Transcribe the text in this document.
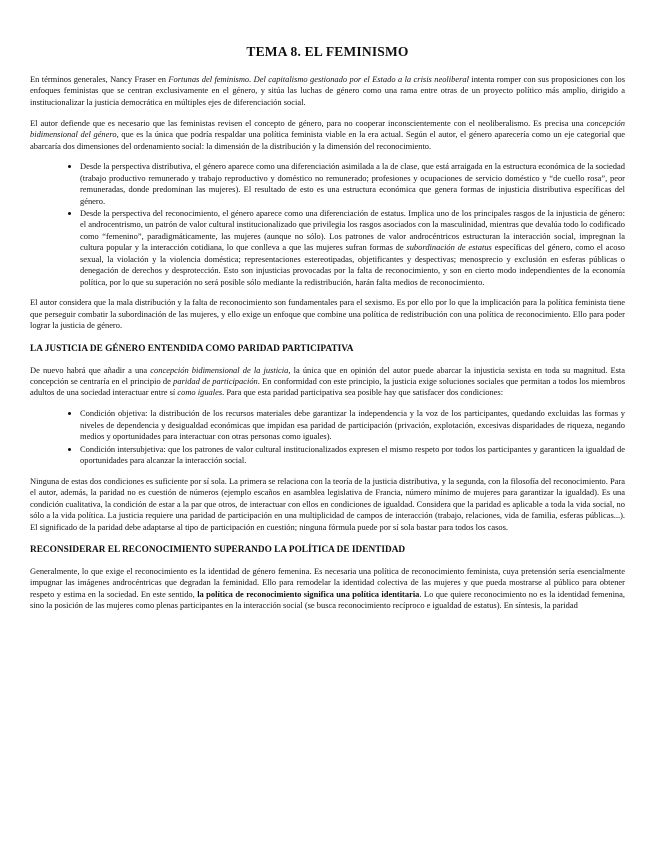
TEMA 8. EL FEMINISMO

En términos generales, Nancy Fraser en Fortunas del feminismo. Del capitalismo gestionado por el Estado a la crisis neoliberal intenta romper con sus proposiciones con los enfoques feministas que se centran exclusivamente en el género, y sitúa las luchas de género como una rama entre otras de un proyecto político más amplio, dirigido a institucionalizar la justicia democrática en múltiples ejes de diferenciación social.

El autor defiende que es necesario que las feministas revisen el concepto de género, para no cooperar inconscientemente con el neoliberalismo. Es precisa una concepción bidimensional del género, que es la única que podría respaldar una política feminista viable en la era actual. Según el autor, el género aparecería como un eje categorial que abarcaría dos dimensiones del ordenamiento social: la dimensión de la distribución y la dimensión del reconocimiento.

• Desde la perspectiva distributiva, el género aparece como una diferenciación asimilada a la de clase, que está arraigada en la estructura económica de la sociedad (trabajo productivo remunerado y trabajo reproductivo y doméstico no remunerado; profesiones y ocupaciones de servicio doméstico y “de cuello rosa”, peor remuneradas, donde predominan las mujeres). El resultado de esto es una estructura económica que genera formas de injusticia distributiva específicas del género.
• Desde la perspectiva del reconocimiento, el género aparece como una diferenciación de estatus. Implica uno de los principales rasgos de la injusticia de género: el androcentrismo, un patrón de valor cultural institucionalizado que privilegia los rasgos asociados con la masculinidad, mientras que devalúa todo lo codificado como “femenino”, paradigmáticamente, las mujeres (aunque no sólo). Los patrones de valor androcéntricos estructuran la interacción social, impregnan la cultura popular y la interacción cotidiana, lo que conlleva a que las mujeres sufran formas de subordinación de estatus específicas del género, como el acoso sexual, la violación y la violencia doméstica; representaciones estereotipadas, objetificantes y despectivas; menosprecio y exclusión en esferas públicas o denegación de derechos y desprotección. Esto son injusticias provocadas por la falta de reconocimiento, y son en cierto modo independientes de la economía política, por lo que su superación no será posible sólo mediante la redistribución, harán falta medios de reconocimiento.

El autor considera que la mala distribución y la falta de reconocimiento son fundamentales para el sexismo. Es por ello por lo que la implicación para la política feminista tiene que perseguir combatir la subordinación de las mujeres, y ello exige un enfoque que combine una política de redistribución con una política de reconocimiento. Ello para poder lograr la justicia de género.

LA JUSTICIA DE GÉNERO ENTENDIDA COMO PARIDAD PARTICIPATIVA

De nuevo habrá que añadir a una concepción bidimensional de la justicia, la única que en opinión del autor puede abarcar la injusticia sexista en toda su magnitud. Esta concepción se centraría en el principio de paridad de participación. En conformidad con este principio, la justicia exige soluciones sociales que permitan a todos los miembros adultos de una sociedad interactuar entre sí como iguales. Para que esta paridad participativa sea posible hay que satisfacer dos condiciones:

• Condición objetiva: la distribución de los recursos materiales debe garantizar la independencia y la voz de los participantes, quedando excluidas las formas y niveles de dependencia y desigualdad económicas que impidan esa paridad de participación (privación, explotación, excesivas disparidades de riqueza, negando medios y oportunidades para interactuar con otras personas como iguales).
• Condición intersubjetiva: que los patrones de valor cultural institucionalizados expresen el mismo respeto por todos los participantes y garanticen la igualdad de oportunidades para alcanzar la interacción social.

Ninguna de estas dos condiciones es suficiente por sí sola. La primera se relaciona con la teoría de la justicia distributiva, y la segunda, con la filosofía del reconocimiento. Para el autor, además, la paridad no es cuestión de números (ejemplo escaños en asamblea legislativa de Francia, número mínimo de mujeres para garantizar la igualdad). Es una condición cualitativa, la condición de estar a la par que otros, de interactuar con ellos en condiciones de igualdad. Considera que la paridad es aplicable a toda la vida social, no sólo a la vida política. La justicia requiere una paridad de participación en una multiplicidad de campos de interacción (trabajo, relaciones, vida de familia, esferas públicas...). El significado de la paridad debe adaptarse al tipo de participación en cuestión; ninguna fórmula puede por sí sola bastar para todos los casos.

RECONSIDERAR EL RECONOCIMIENTO SUPERANDO LA POLÍTICA DE IDENTIDAD

Generalmente, lo que exige el reconocimiento es la identidad de género femenina. Es necesaria una política de reconocimiento feminista, cuya pretensión sería esencialmente impugnar las imágenes androcéntricas que degradan la feminidad. Ello para remodelar la identidad colectiva de las mujeres y que pueda mostrarse al público para obtener respeto y estima en la sociedad. En este sentido, la política de reconocimiento significa una política identitaria. Lo que quiere reconocimiento no es la identidad femenina, sino la posición de las mujeres como plenas participantes en la interacción social (se busca reconocimiento recíproco e igualdad de estatus). En síntesis, la paridad
